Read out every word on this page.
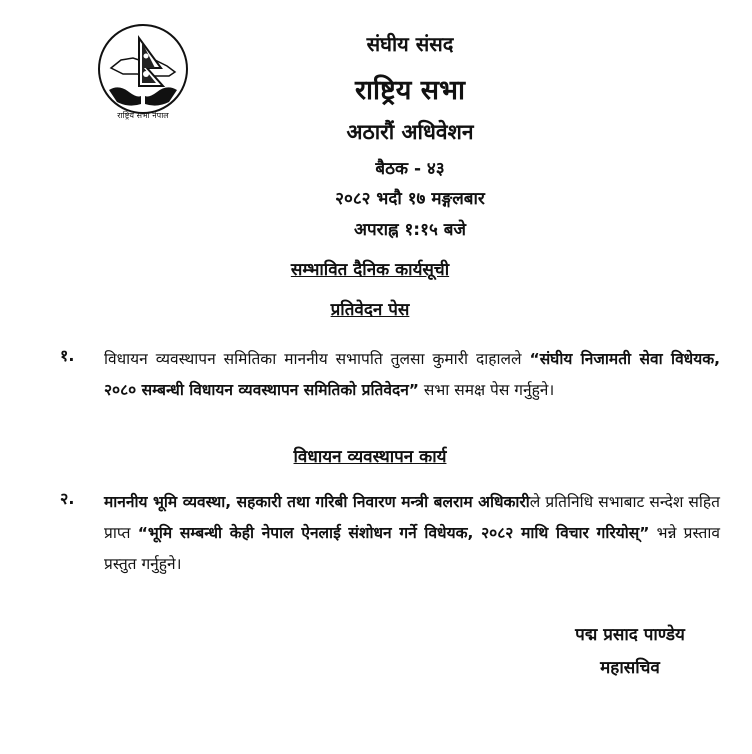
राष्ट्रिय सभा नेपाल
संघीय संसद
राष्ट्रिय सभा
अठारौं अधिवेशन
बैठक - ४३
२०८२ भदौ १७ मङ्गलबार
अपराह्न १:१५ बजे
सम्भावित दैनिक कार्यसूची
प्रतिवेदन पेस
१. विधायन व्यवस्थापन समितिका माननीय सभापति तुलसा कुमारी दाहालले “संघीय निजामती सेवा विधेयक, २०८० सम्बन्धी विधायन व्यवस्थापन समितिको प्रतिवेदन” सभा समक्ष पेस गर्नुहुने।
विधायन व्यवस्थापन कार्य
२. माननीय भूमि व्यवस्था, सहकारी तथा गरिबी निवारण मन्त्री बलराम अधिकारीले प्रतिनिधि सभाबाट सन्देश सहित प्राप्त “भूमि सम्बन्धी केही नेपाल ऐनलाई संशोधन गर्ने विधेयक, २०८२ माथि विचार गरियोस्” भन्ने प्रस्ताव प्रस्तुत गर्नुहुने।
पद्म प्रसाद पाण्डेय
महासचिव
